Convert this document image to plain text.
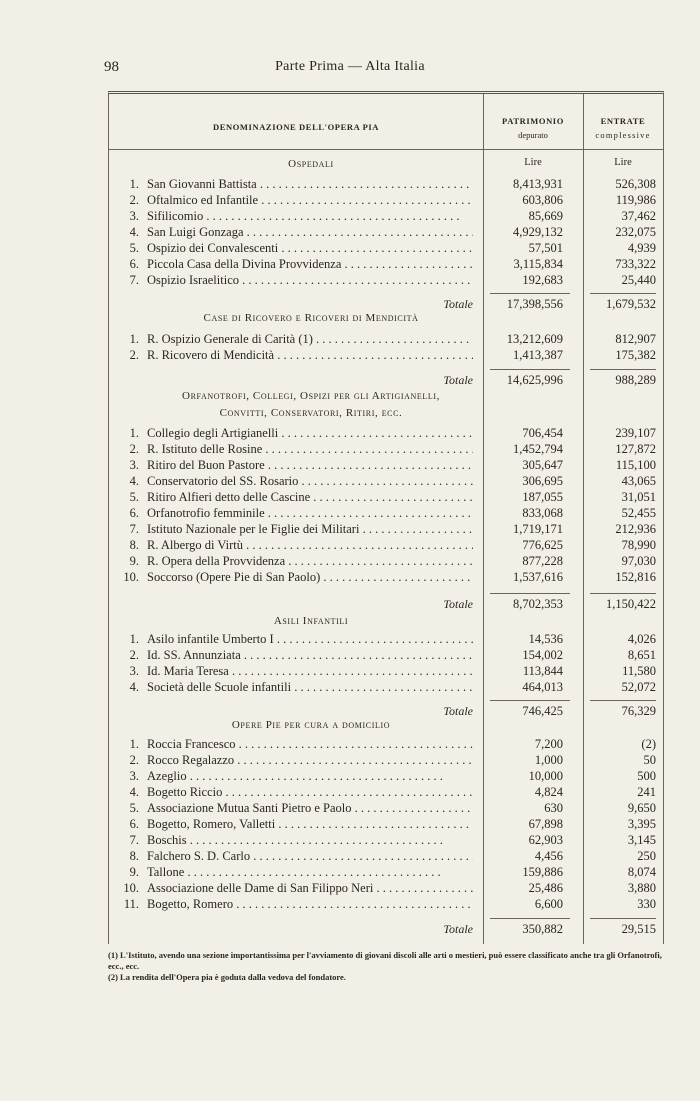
98	Parte Prima — Alta Italia
DENOMINAZIONE DELL'OPERA PIA
PATRIMONIO
depurato
ENTRATE
complessive
Ospedali	Lire	Lire
1. San Giovanni Battista . . .	8,413,931	526,308
2. Oftalmico ed Infantile . . .	603,806	119,986
3. Sifilicomio . . .	85,669	37,462
4. San Luigi Gonzaga . . .	4,929,132	232,075
5. Ospizio dei Convalescenti . . .	57,501	4,939
6. Piccola Casa della Divina Provvidenza . . .	3,115,834	733,322
7. Ospizio Israelitico . . .	192,683	25,440
Totale	17,398,556	1,679,532
Case di Ricovero e Ricoveri di Mendicità
1. R. Ospizio Generale di Carità (1) . . .	13,212,609	812,907
2. R. Ricovero di Mendicità . . .	1,413,387	175,382
Totale	14,625,996	988,289
Orfanotrofi, Collegi, Ospizi per gli Artigianelli,
Convitti, Conservatori, Ritiri, ecc.
1. Collegio degli Artigianelli . . .	706,454	239,107
2. R. Istituto delle Rosine . . .	1,452,794	127,872
3. Ritiro del Buon Pastore . . .	305,647	115,100
4. Conservatorio del SS. Rosario . . .	306,695	43,065
5. Ritiro Alfieri detto delle Cascine . . .	187,055	31,051
6. Orfanotrofio femminile . . .	833,068	52,455
7. Istituto Nazionale per le Figlie dei Militari . . .	1,719,171	212,936
8. R. Albergo di Virtù . . .	776,625	78,990
9. R. Opera della Provvidenza . . .	877,228	97,030
10. Soccorso (Opere Pie di San Paolo) . . .	1,537,616	152,816
Totale	8,702,353	1,150,422
Asili Infantili
1. Asilo infantile Umberto I . . .	14,536	4,026
2. Id. SS. Annunziata . . .	154,002	8,651
3. Id. Maria Teresa . . .	113,844	11,580
4. Società delle Scuole infantili . . .	464,013	52,072
Totale	746,425	76,329
Opere Pie per cura a domicilio
1. Roccia Francesco . . .	7,200	(2)
2. Rocco Regalazzo . . .	1,000	50
3. Azeglio . . .	10,000	500
4. Bogetto Riccio . . .	4,824	241
5. Associazione Mutua Santi Pietro e Paolo . . .	630	9,650
6. Bogetto, Romero, Valletti . . .	67,898	3,395
7. Boschis . . .	62,903	3,145
8. Falchero S. D. Carlo . . .	4,456	250
9. Tallone . . .	159,886	8,074
10. Associazione delle Dame di San Filippo Neri . . .	25,486	3,880
11. Bogetto, Romero . . .	6,600	330
Totale	350,882	29,515
(1) L'Istituto, avendo una sezione importantissima per l'avviamento di giovani discoli alle arti o mestieri, può essere classificato anche tra gli Orfanotrofi, ecc., ecc.
(2) La rendita dell'Opera pia è goduta dalla vedova del fondatore.
